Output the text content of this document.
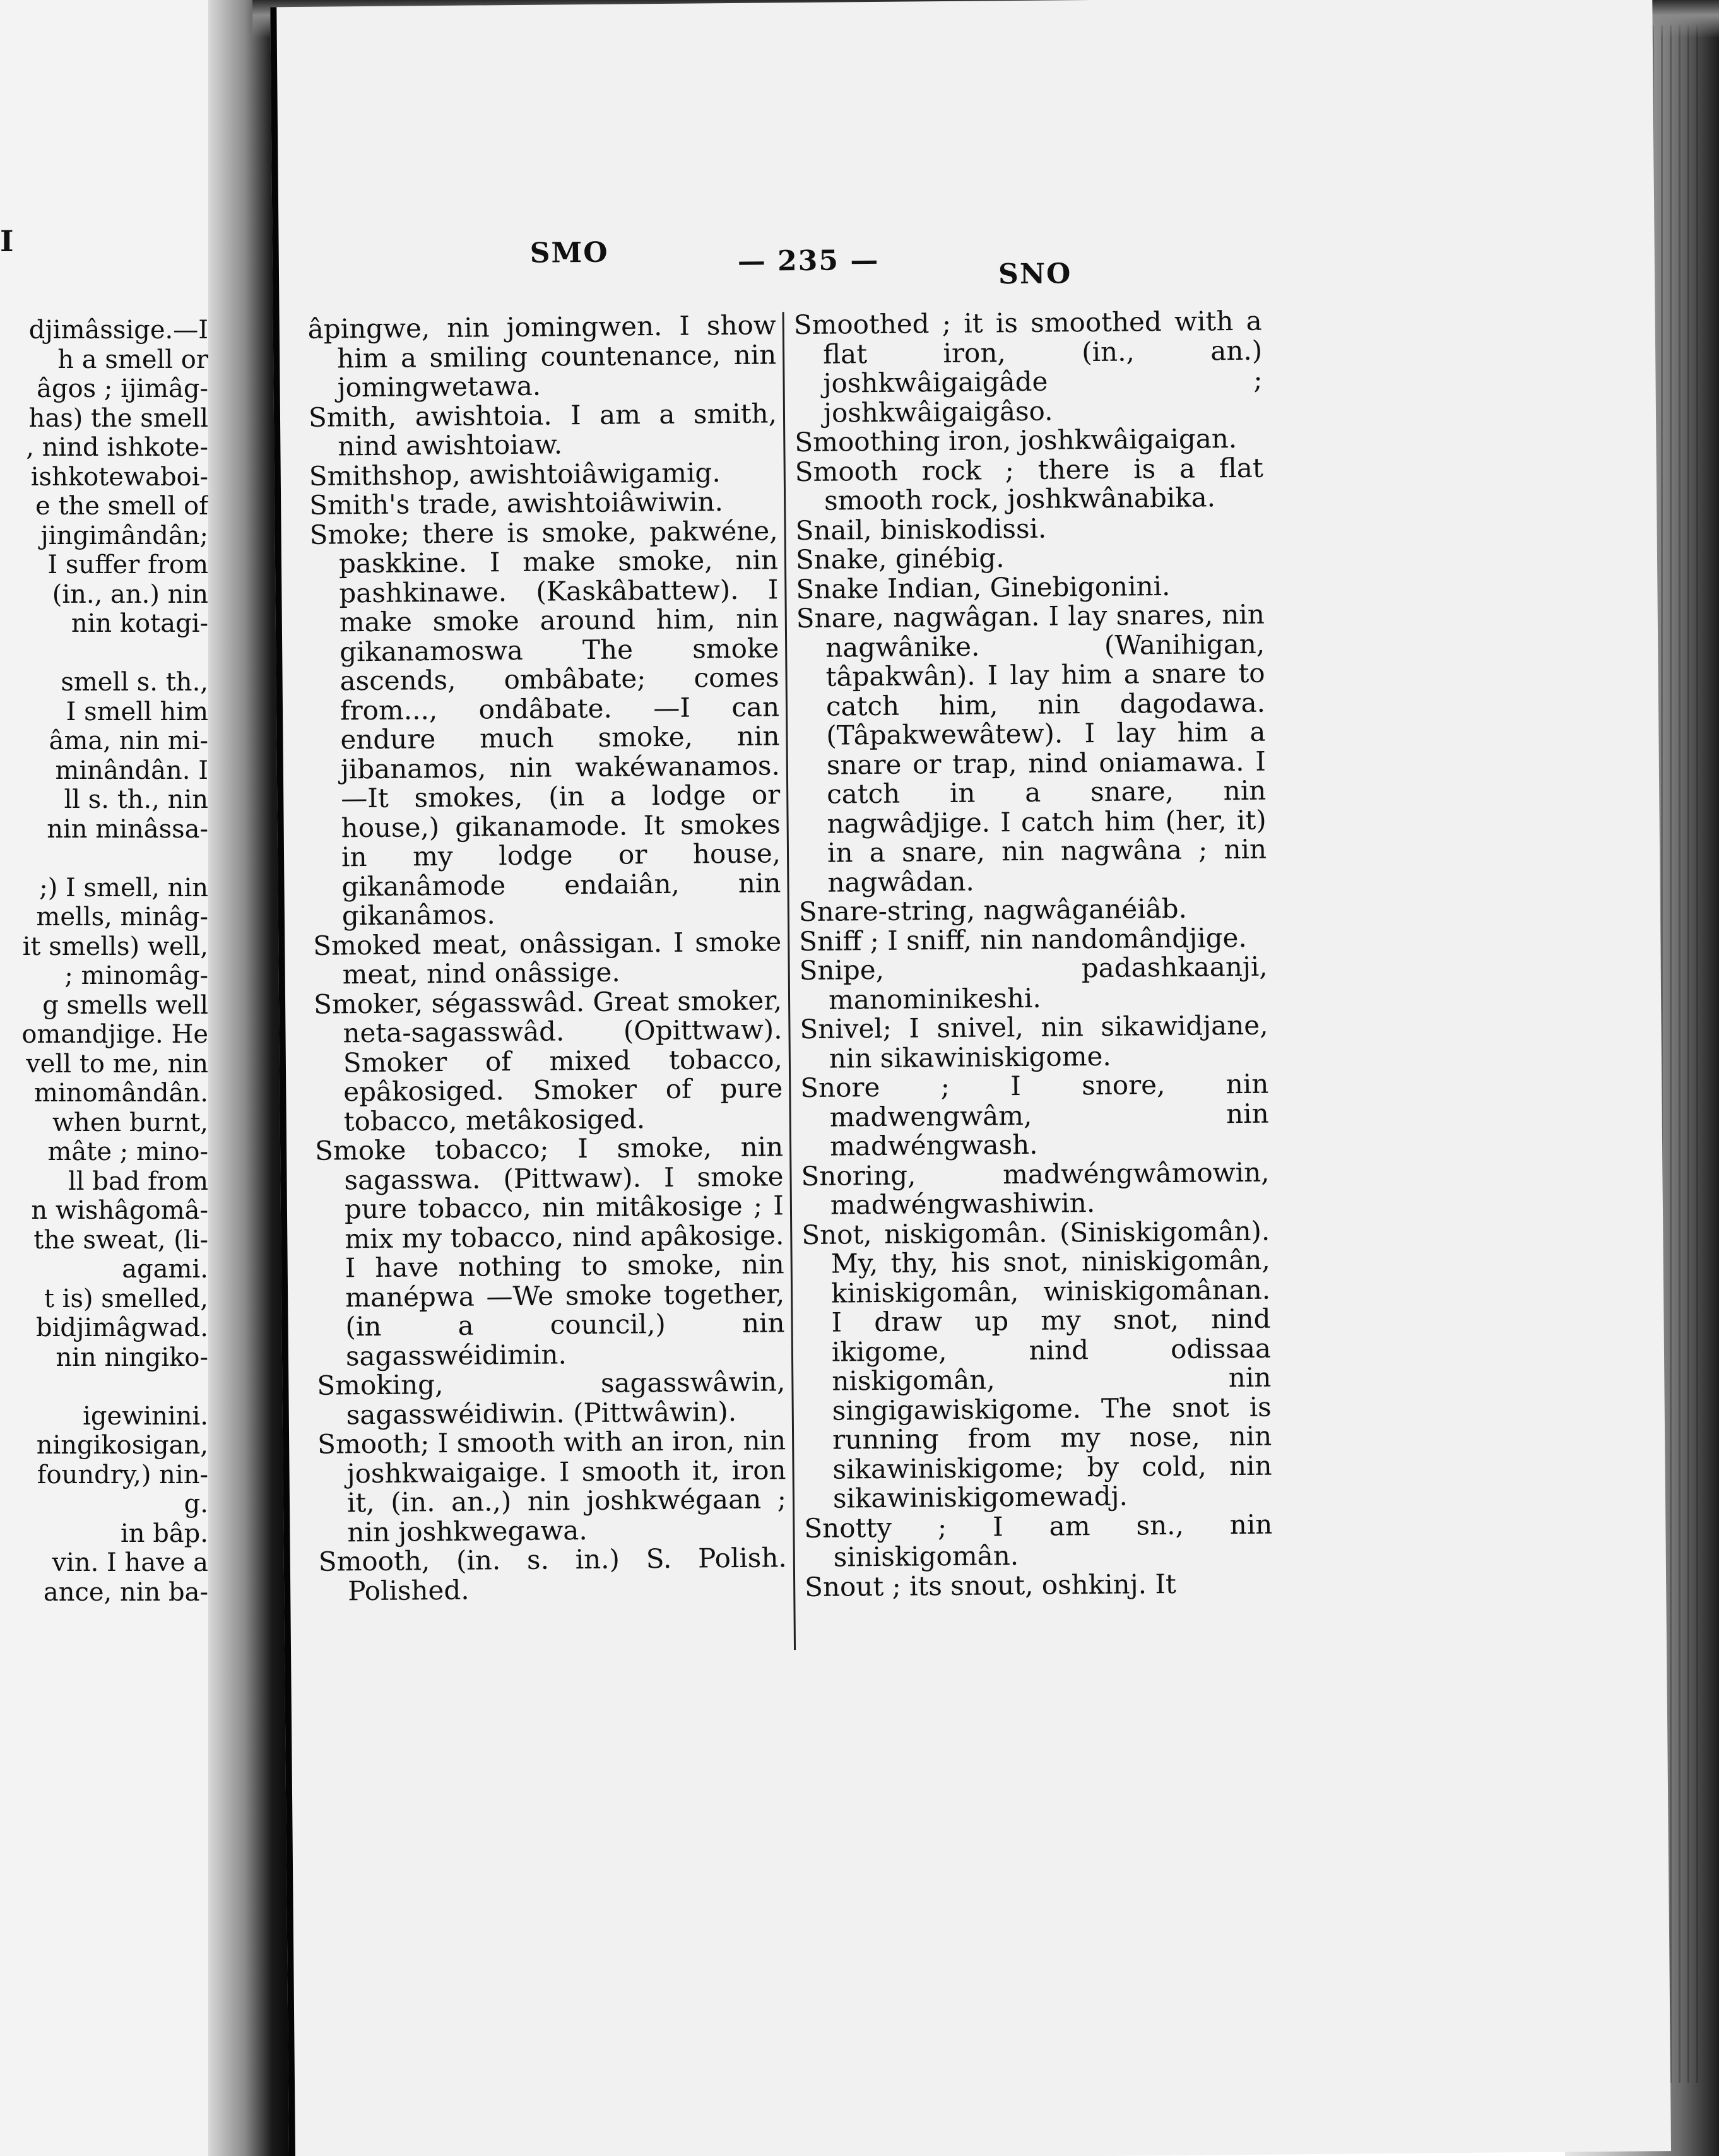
I
djimâssige.—I
h a smell or
âgos ; ijimâg-
has) the smell
, nind ishkote-
ishkotewaboi-
e the smell of
jingimândân;
I suffer from
(in., an.) nin
nin kotagi-

smell s. th.,
I smell him
âma, nin mi-
minândân. I
ll s. th., nin
nin minâssa-

;) I smell, nin
mells, minâg-
it smells) well,
; minomâg-
g smells well
omandjige. He
vell to me, nin
minomândân.
when burnt,
mâte ; mino-
ll bad from
n wishâgomâ-
the sweat, (li-
agami.
t is) smelled,
bidjimâgwad.
nin ningiko-

igewinini.
ningikosigan,
foundry,) nin-
g.
in bâp.
vin. I have a
ance, nin ba-
SMO	— 235 —	SNO
âpingwe, nin jomingwen. I show him a smiling countenance, nin jomingwetawa.
Smith, awishtoia. I am a smith, nind awishtoiaw.
Smithshop, awishtoiâwigamig.
Smith's trade, awishtoiâwiwin.
Smoke; there is smoke, pakwéne, paskkine. I make smoke, nin pashkinawe. (Kaskâbattew). I make smoke around him, nin gikanamoswa The smoke ascends, ombâbate; comes from..., ondâbate. —I can endure much smoke, nin jibanamos, nin wakéwanamos. —It smokes, (in a lodge or house,) gikanamode. It smokes in my lodge or house, gikanâmode endaiân, nin gikanâmos.
Smoked meat, onâssigan. I smoke meat, nind onâssige.
Smoker, ségasswâd. Great smoker, neta-sagasswâd. (Opittwaw). Smoker of mixed tobacco, epâkosiged. Smoker of pure tobacco, metâkosiged.
Smoke tobacco; I smoke, nin sagasswa. (Pittwaw). I smoke pure tobacco, nin mitâkosige ; I mix my tobacco, nind apâkosige. I have nothing to smoke, nin manépwa —We smoke together, (in a council,) nin sagasswéidimin.
Smoking, sagasswâwin, sagasswéidiwin. (Pittwâwin).
Smooth; I smooth with an iron, nin joshkwaigaige. I smooth it, iron it, (in. an.,) nin joshkwégaan ; nin joshkwegawa.
Smooth, (in. s. in.) S. Polish. Polished.
Smoothed ; it is smoothed with a flat iron, (in., an.) joshkwâigaigâde ; joshkwâigaigâso.
Smoothing iron, joshkwâigaigan.
Smooth rock ; there is a flat smooth rock, joshkwânabika.
Snail, biniskodissi.
Snake, ginébig.
Snake Indian, Ginebigonini.
Snare, nagwâgan. I lay snares, nin nagwânike. (Wanihigan, tâpakwân). I lay him a snare to catch him, nin dagodawa. (Tâpakwewâtew). I lay him a snare or trap, nind oniamawa. I catch in a snare, nin nagwâdjige. I catch him (her, it) in a snare, nin nagwâna ; nin nagwâdan.
Snare-string, nagwâganéiâb.
Sniff ; I sniff, nin nandomândjige.
Snipe, padashkaanji, manominikeshi.
Snivel; I snivel, nin sikawidjane, nin sikawiniskigome.
Snore ; I snore, nin madwengwâm, nin madwéngwash.
Snoring, madwéngwâmowin, madwéngwashiwin.
Snot, niskigomân. (Siniskigomân). My, thy, his snot, niniskigomân, kiniskigomân, winiskigomânan. I draw up my snot, nind ikigome, nind odissaa niskigomân, nin singigawiskigome. The snot is running from my nose, nin sikawiniskigome; by cold, nin sikawiniskigomewadj.
Snotty ; I am sn., nin siniskigomân.
Snout ; its snout, oshkinj. It
